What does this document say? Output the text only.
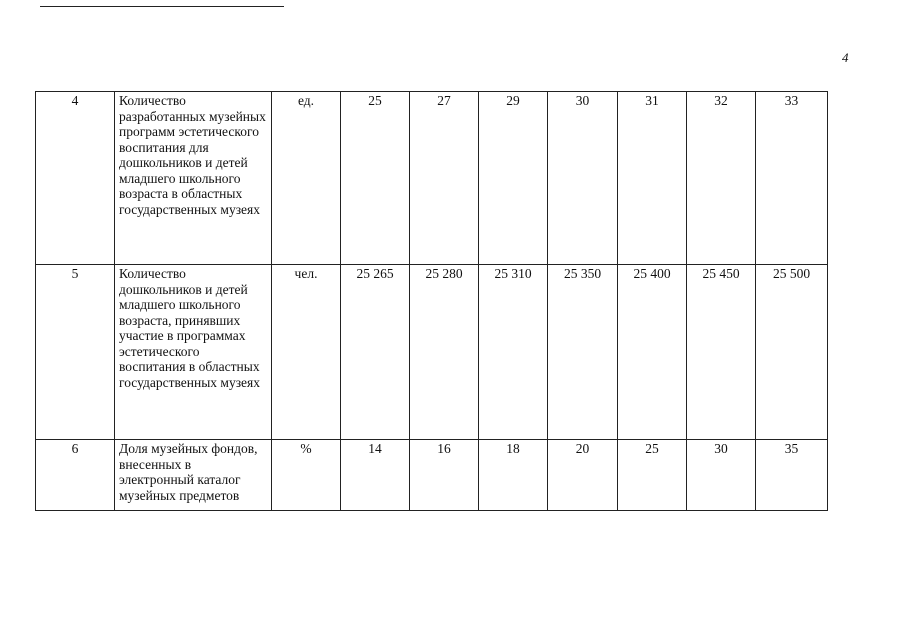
4
4	Количество разработанных музейных программ эстетического воспитания для дошкольников и детей младшего школьного возраста в областных государственных музеях	ед.	25	27	29	30	31	32	33
5	Количество дошкольников и детей младшего школьного возраста, принявших участие в программах эстетического воспитания в областных государственных музеях	чел.	25 265	25 280	25 310	25 350	25 400	25 450	25 500
6	Доля музейных фондов, внесенных в электронный каталог музейных предметов	%	14	16	18	20	25	30	35
